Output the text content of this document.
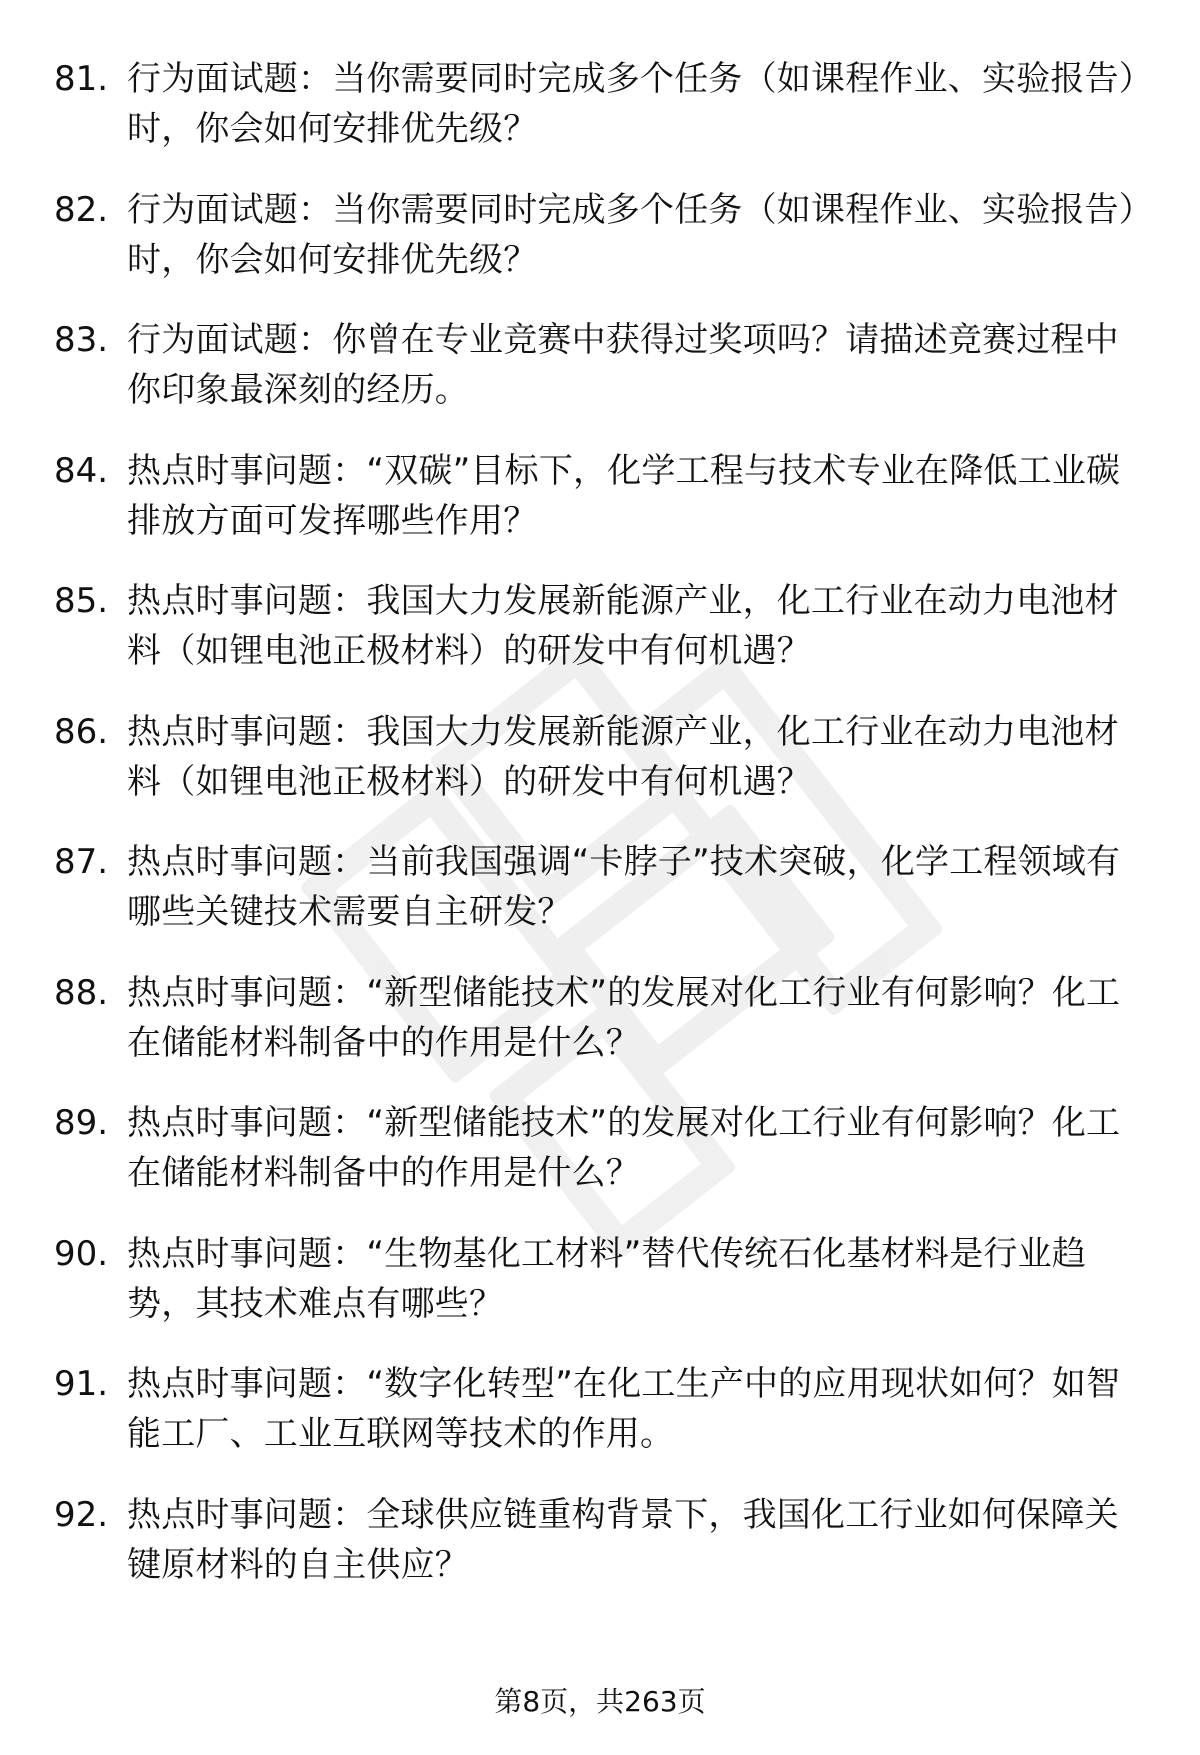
81. 行为面试题：当你需要同时完成多个任务（如课程作业、实验报告）时，你会如何安排优先级？
82. 行为面试题：当你需要同时完成多个任务（如课程作业、实验报告）时，你会如何安排优先级？
83. 行为面试题：你曾在专业竞赛中获得过奖项吗？请描述竞赛过程中你印象最深刻的经历。
84. 热点时事问题：“双碳”目标下，化学工程与技术专业在降低工业碳排放方面可发挥哪些作用？
85. 热点时事问题：我国大力发展新能源产业，化工行业在动力电池材料（如锂电池正极材料）的研发中有何机遇？
86. 热点时事问题：我国大力发展新能源产业，化工行业在动力电池材料（如锂电池正极材料）的研发中有何机遇？
87. 热点时事问题：当前我国强调“卡脖子”技术突破，化学工程领域有哪些关键技术需要自主研发？
88. 热点时事问题：“新型储能技术”的发展对化工行业有何影响？化工在储能材料制备中的作用是什么？
89. 热点时事问题：“新型储能技术”的发展对化工行业有何影响？化工在储能材料制备中的作用是什么？
90. 热点时事问题：“生物基化工材料”替代传统石化基材料是行业趋势，其技术难点有哪些？
91. 热点时事问题：“数字化转型”在化工生产中的应用现状如何？如智能工厂、工业互联网等技术的作用。
92. 热点时事问题：全球供应链重构背景下，我国化工行业如何保障关键原材料的自主供应？
第8页，共263页
